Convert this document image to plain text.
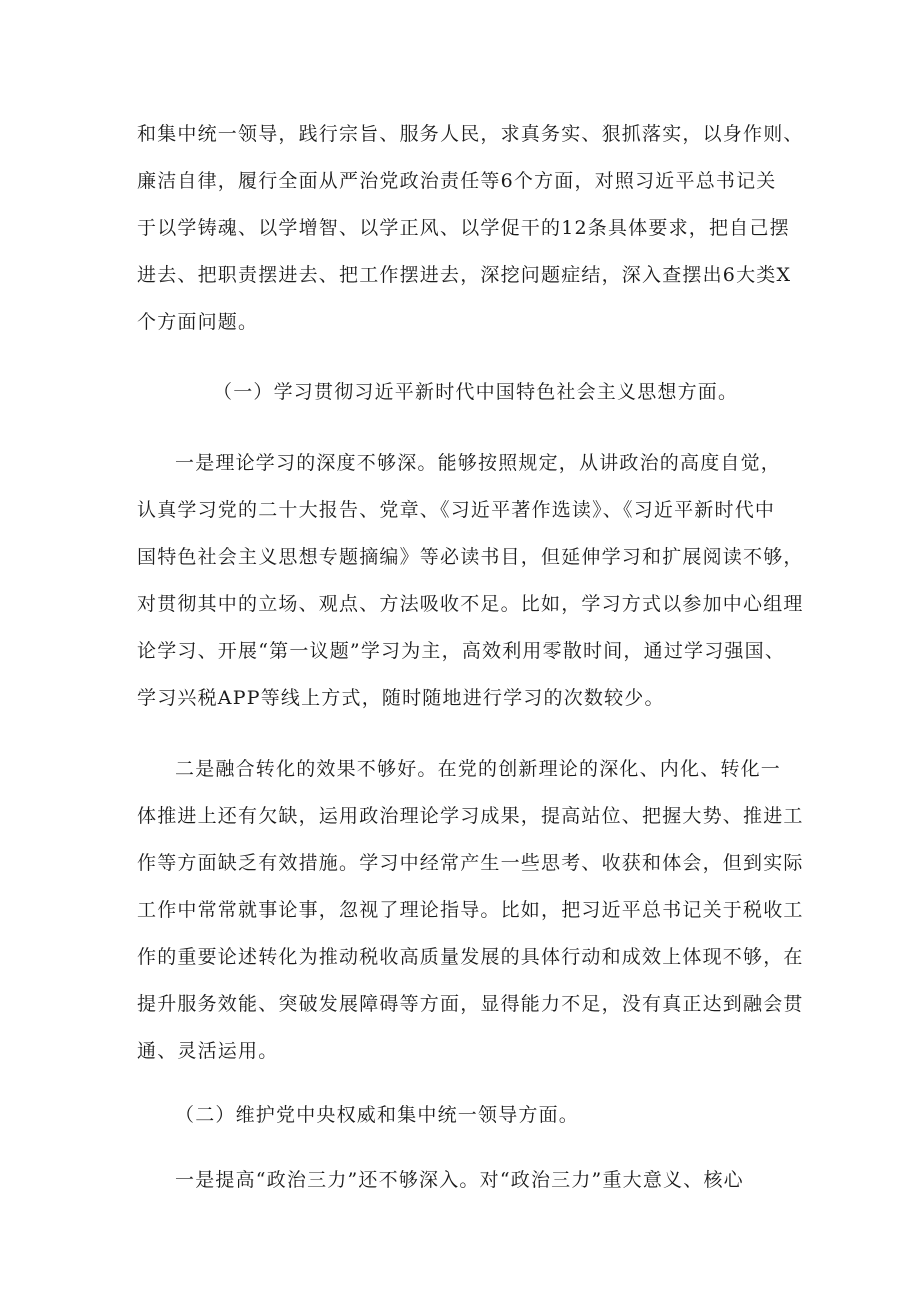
和集中统一领导，践行宗旨、服务人民，求真务实、狠抓落实，以身作则、
廉洁自律，履行全面从严治党政治责任等6个方面，对照习近平总书记关
于以学铸魂、以学增智、以学正风、以学促干的12条具体要求，把自己摆
进去、把职责摆进去、把工作摆进去，深挖问题症结，深入查摆出6大类X
个方面问题。
（一）学习贯彻习近平新时代中国特色社会主义思想方面。
一是理论学习的深度不够深。能够按照规定，从讲政治的高度自觉，
认真学习党的二十大报告、党章、《习近平著作选读》、《习近平新时代中
国特色社会主义思想专题摘编》等必读书目，但延伸学习和扩展阅读不够，
对贯彻其中的立场、观点、方法吸收不足。比如，学习方式以参加中心组理
论学习、开展“第一议题”学习为主，高效利用零散时间，通过学习强国、
学习兴税APP等线上方式，随时随地进行学习的次数较少。
二是融合转化的效果不够好。在党的创新理论的深化、内化、转化一
体推进上还有欠缺，运用政治理论学习成果，提高站位、把握大势、推进工
作等方面缺乏有效措施。学习中经常产生一些思考、收获和体会，但到实际
工作中常常就事论事，忽视了理论指导。比如，把习近平总书记关于税收工
作的重要论述转化为推动税收高质量发展的具体行动和成效上体现不够，在
提升服务效能、突破发展障碍等方面，显得能力不足，没有真正达到融会贯
通、灵活运用。
（二）维护党中央权威和集中统一领导方面。
一是提高“政治三力”还不够深入。对“政治三力”重大意义、核心
